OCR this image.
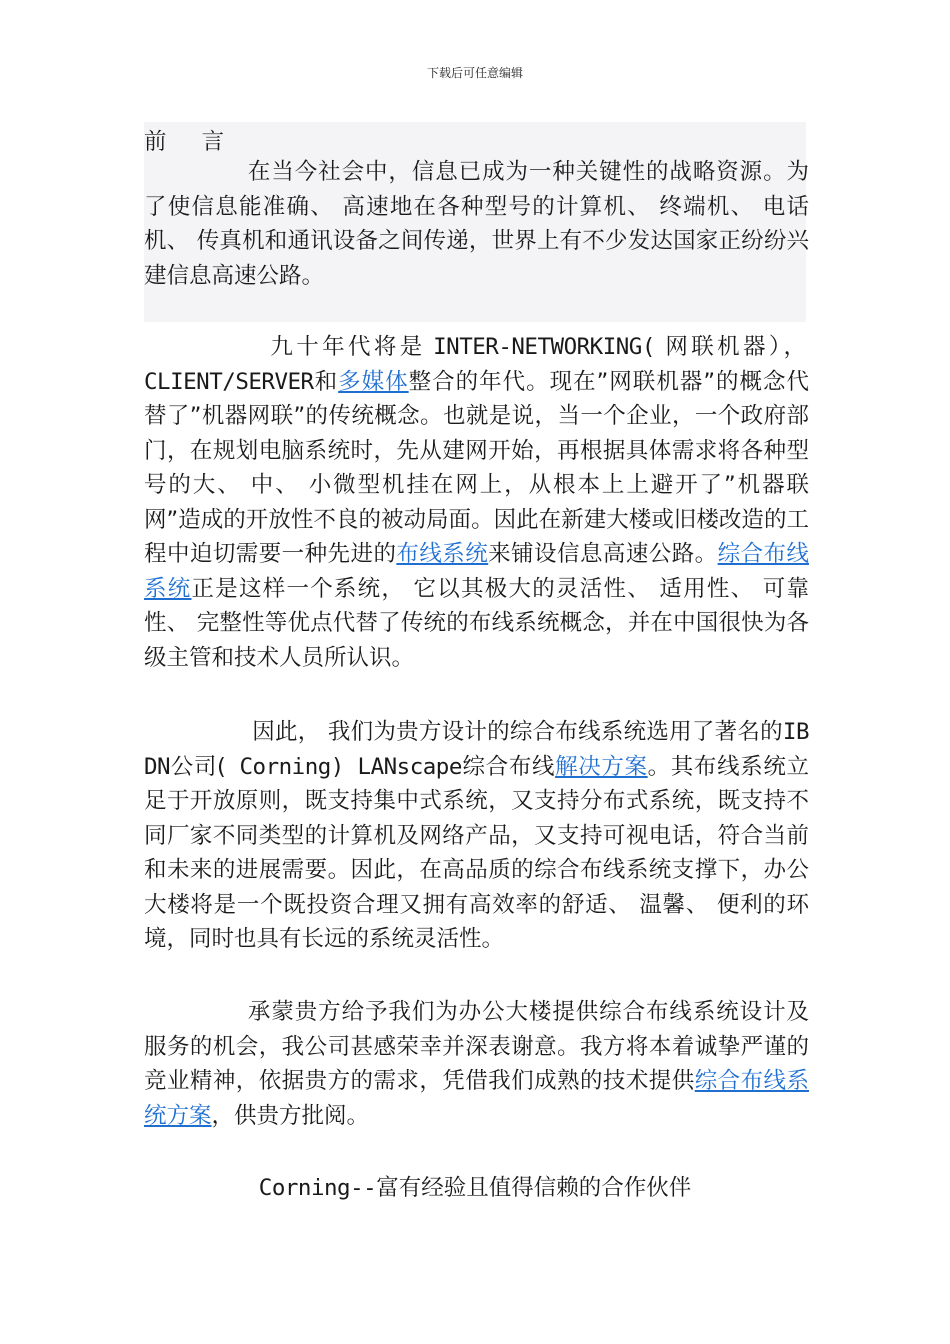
下载后可任意编辑
前 言

在当今社会中，信息已成为一种关键性的战略资源。为了使信息能准确、 高速地在各种型号的计算机、 终端机、 电话机、 传真机和通讯设备之间传递，世界上有不少发达国家正纷纷兴建信息高速公路。

九十年代将是 INTER-NETWORKING( 网联机器）， CLIENT/SERVER和多媒体整合的年代。现在”网联机器”的概念代替了”机器网联”的传统概念。也就是说，当一个企业，一个政府部门，在规划电脑系统时，先从建网开始，再根据具体需求将各种型号的大、 中、 小微型机挂在网上，从根本上上避开了”机器联网”造成的开放性不良的被动局面。因此在新建大楼或旧楼改造的工程中迫切需要一种先进的布线系统来铺设信息高速公路。综合布线系统正是这样一个系统， 它以其极大的灵活性、 适用性、 可靠性、 完整性等优点代替了传统的布线系统概念，并在中国很快为各级主管和技术人员所认识。

因此， 我们为贵方设计的综合布线系统选用了著名的IBDN公司( Corning) LANscape综合布线解决方案。其布线系统立足于开放原则，既支持集中式系统，又支持分布式系统，既支持不同厂家不同类型的计算机及网络产品，又支持可视电话，符合当前和未来的进展需要。因此，在高品质的综合布线系统支撑下，办公大楼将是一个既投资合理又拥有高效率的舒适、 温馨、 便利的环境，同时也具有长远的系统灵活性。

承蒙贵方给予我们为办公大楼提供综合布线系统设计及服务的机会，我公司甚感荣幸并深表谢意。我方将本着诚挚严谨的竞业精神，依据贵方的需求，凭借我们成熟的技术提供综合布线系统方案，供贵方批阅。

Corning--富有经验且值得信赖的合作伙伴
